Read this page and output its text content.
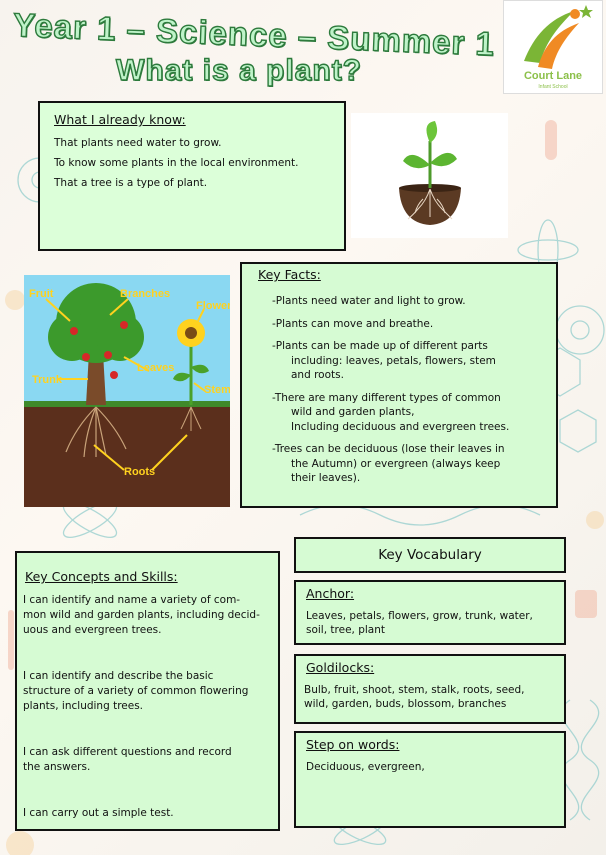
Year 1 – Science – Summer 1
What is a plant?	Court Lane
Infant School
What I already know:
That plants need water to grow.
To know some plants in the local environment.
That a tree is a type of plant.
Fruit	Branches
Flower
Leaves
Stem
Trunk
Roots
Key Facts:
-Plants need water and light to grow.
-Plants can move and breathe.
-Plants can be made up of different parts
including: leaves, petals, flowers, stem
and roots.
-There are many different types of common
wild and garden plants,
Including deciduous and evergreen trees.
-Trees can be deciduous (lose their leaves in
the Autumn) or evergreen (always keep
their leaves).
Key Concepts and Skills:
I can identify and name a variety of com-
mon wild and garden plants, including decid-
uous and evergreen trees.
I can identify and describe the basic
structure of a variety of common flowering
plants, including trees.
I can ask different questions and record
the answers.
I can carry out a simple test.
Key Vocabulary
Anchor:
Leaves, petals, flowers, grow, trunk, water,
soil, tree, plant
Goldilocks:
Bulb, fruit, shoot, stem, stalk, roots, seed,
wild, garden, buds, blossom, branches
Step on words:
Deciduous, evergreen,
